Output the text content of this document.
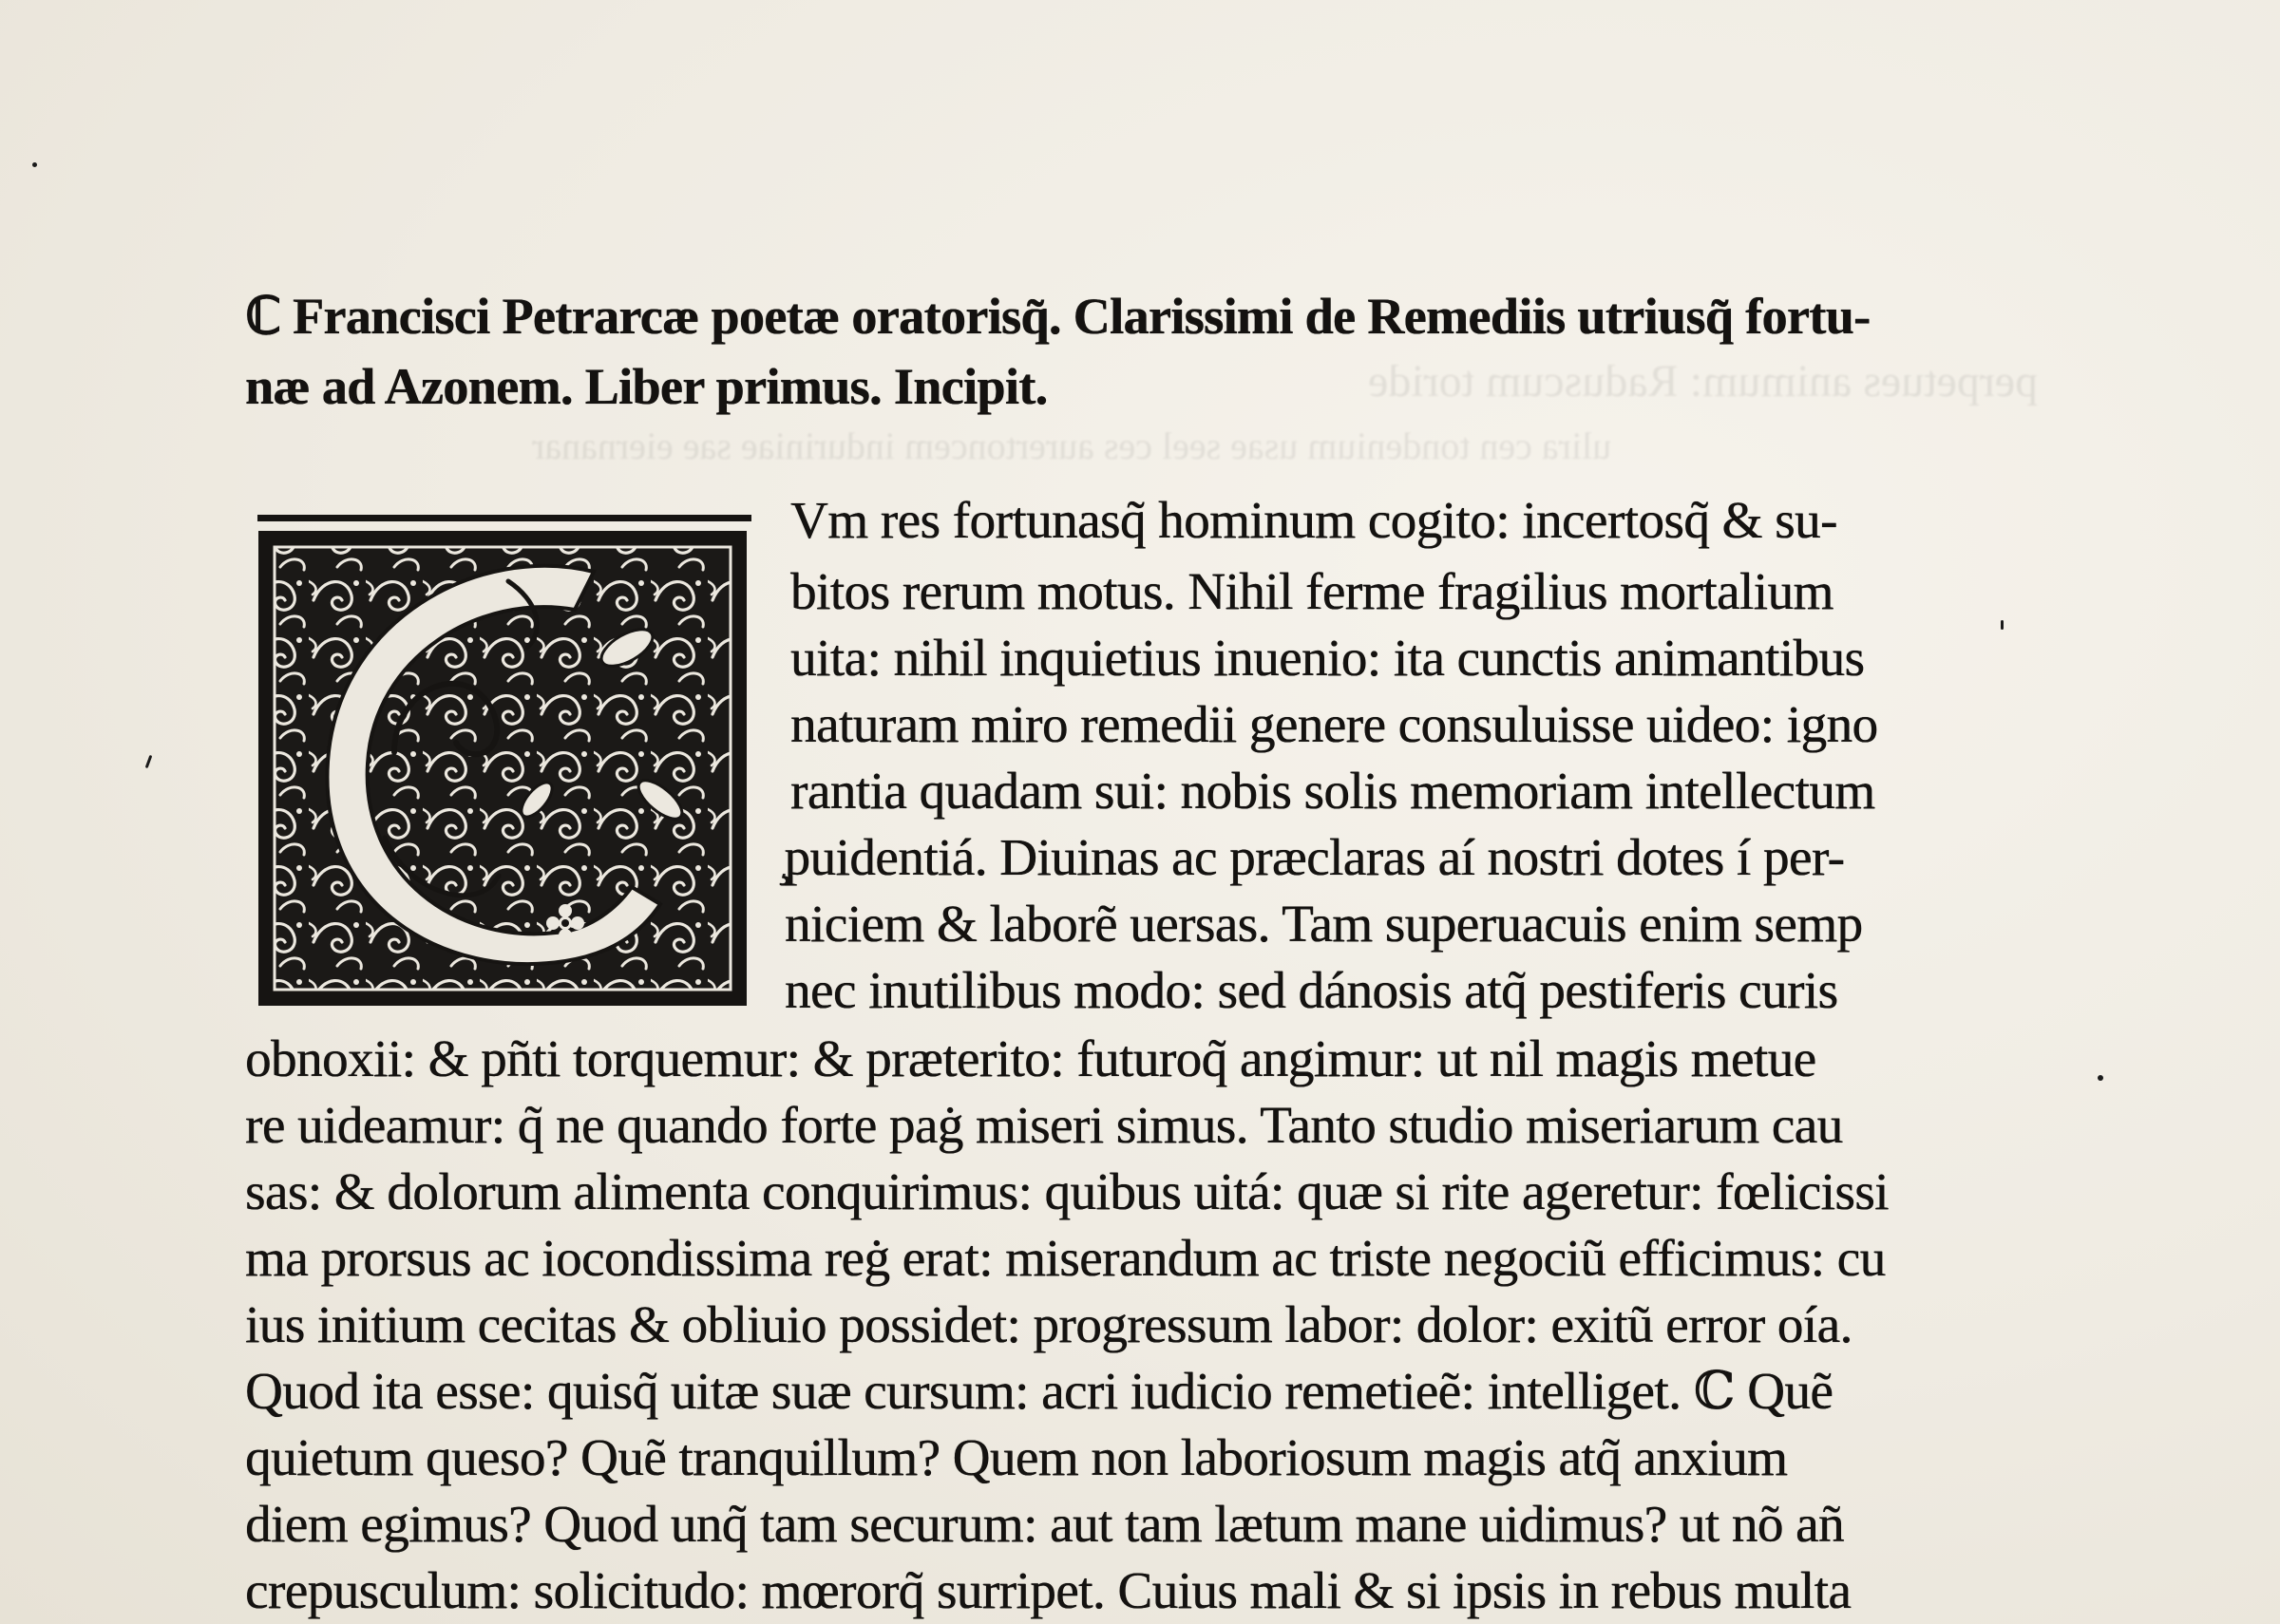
perpetues animum: Raduscum toride
ulira cen tondenium usae seel ces aurertoncem induriniae sae eiernanar
ℂ Francisci Petrarcæ poetæ oratorisq̃. Clarissimi de Remediis utriusq̃ fortu-
næ ad Azonem. Liber primus. Incipit.
Vm res fortunasq̃ hominum cogito: incertosq̃ & su-
bitos rerum motus. Nihil ferme fragilius mortalium
uita: nihil inquietius inuenio: ita cunctis animantibus
naturam miro remedii genere consuluisse uideo: igno
rantia quadam sui: nobis solis memoriam intellectum
̧puidentiá. Diuinas ac præclaras aí nostri dotes í per-
niciem & laborẽ uersas. Tam superuacuis enim semp
nec inutilibus modo: sed dánosis atq̃ pestiferis curis
obnoxii: & pñti torquemur: & præterito: futuroq̃ angimur: ut nil magis metue
re uideamur: q̃ ne quando forte paġ miseri simus. Tanto studio miseriarum cau
sas: & dolorum alimenta conquirimus: quibus uitá: quæ si rite ageretur: fœlicissi
ma prorsus ac iocondissima reġ erat: miserandum ac triste negociũ efficimus: cu
ius initium cecitas & obliuio possidet: progressum labor: dolor: exitũ error oía.
Quod ita esse: quisq̃ uitæ suæ cursum: acri iudicio remetieẽ: intelliget. ℂ Quẽ
quietum queso? Quẽ tranquillum? Quem non laboriosum magis atq̃ anxium
diem egimus? Quod unq̃ tam securum: aut tam lætum mane uidimus? ut nõ añ
crepusculum: solicitudo: mœrorq̃ surripet. Cuius mali & si ipsis in rebus multa
